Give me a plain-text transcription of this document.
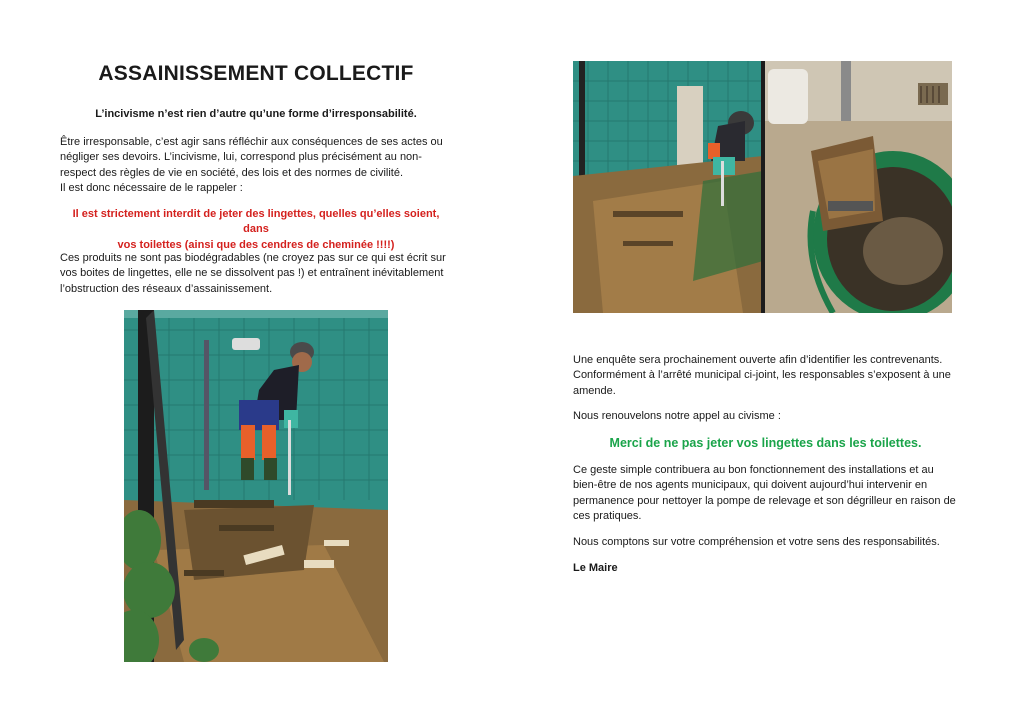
ASSAINISSEMENT COLLECTIF

L’incivisme n’est rien d’autre qu’une forme d’irresponsabilité.

Être irresponsable, c’est agir sans réfléchir aux conséquences de ses actes ou
négliger ses devoirs. L’incivisme, lui, correspond plus précisément au non-
respect des règles de vie en société, des lois et des normes de civilité.
Il est donc nécessaire de le rappeler :
Il est strictement interdit de jeter des lingettes, quelles qu’elles soient, dans
vos toilettes (ainsi que des cendres de cheminée !!!!)
Ces produits ne sont pas biodégradables (ne croyez pas sur ce qui est écrit sur
vos boites de lingettes, elle ne se dissolvent pas !) et entraînent inévitablement
l’obstruction des réseaux d’assainissement.
Une enquête sera prochainement ouverte afin d’identifier les contrevenants.
Conformément à l’arrêté municipal ci-joint, les responsables s’exposent à une
amende.

Nous renouvelons notre appel au civisme :

Merci de ne pas jeter vos lingettes dans les toilettes.

Ce geste simple contribuera au bon fonctionnement des installations et au
bien-être de nos agents municipaux, qui doivent aujourd’hui intervenir en
permanence pour nettoyer la pompe de relevage et son dégrilleur en raison de
ces pratiques.

Nous comptons sur votre compréhension et votre sens des responsabilités.

Le Maire
